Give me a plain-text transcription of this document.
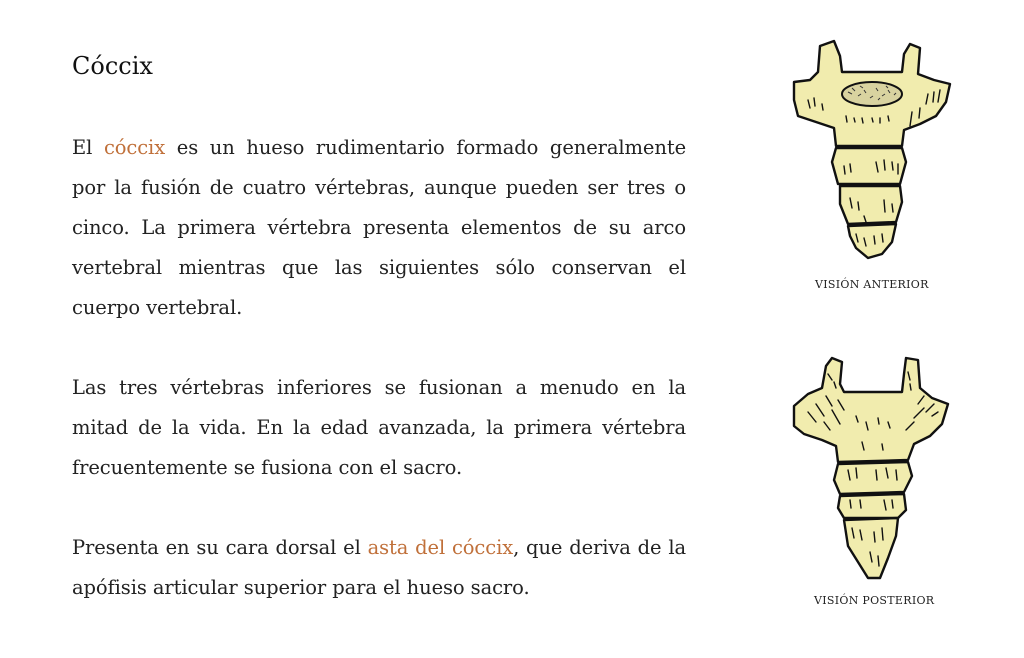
Cóccix

El cóccix es un hueso rudimentario formado generalmente por la fusión de cuatro vértebras, aunque pueden ser tres o cinco. La primera vértebra presenta elementos de su arco vertebral mientras que las siguientes sólo conservan el cuerpo vertebral.

Las tres vértebras inferiores se fusionan a menudo en la mitad de la vida. En la edad avanzada, la primera vértebra frecuentemente se fusiona con el sacro.

Presenta en su cara dorsal el asta del cóccix, que deriva de la apófisis articular superior para el hueso sacro.

VISIÓN ANTERIOR
VISIÓN POSTERIOR
